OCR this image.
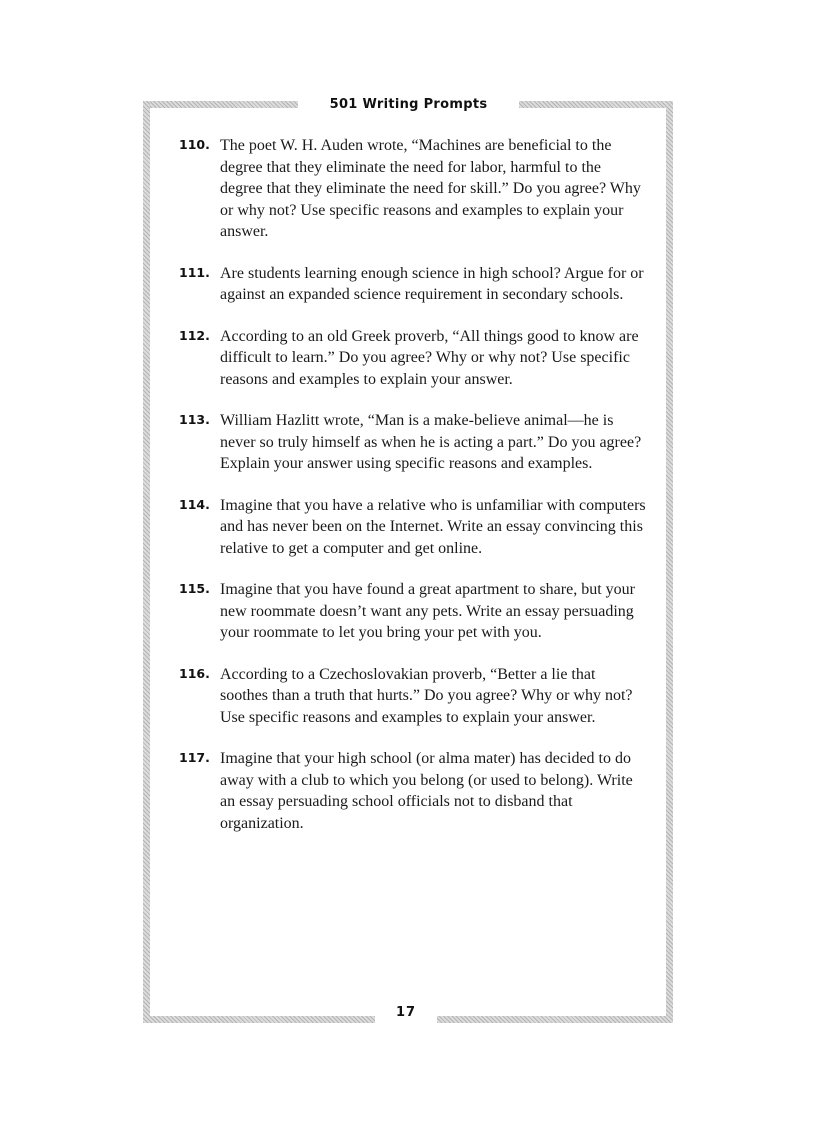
501 Writing Prompts
110. The poet W. H. Auden wrote, “Machines are beneficial to the degree that they eliminate the need for labor, harmful to the degree that they eliminate the need for skill.” Do you agree? Why or why not? Use specific reasons and examples to explain your answer.
111. Are students learning enough science in high school? Argue for or against an expanded science requirement in secondary schools.
112. According to an old Greek proverb, “All things good to know are difficult to learn.” Do you agree? Why or why not? Use specific reasons and examples to explain your answer.
113. William Hazlitt wrote, “Man is a make-believe animal—he is never so truly himself as when he is acting a part.” Do you agree? Explain your answer using specific reasons and examples.
114. Imagine that you have a relative who is unfamiliar with computers and has never been on the Internet. Write an essay convincing this relative to get a computer and get online.
115. Imagine that you have found a great apartment to share, but your new roommate doesn’t want any pets. Write an essay persuading your roommate to let you bring your pet with you.
116. According to a Czechoslovakian proverb, “Better a lie that soothes than a truth that hurts.” Do you agree? Why or why not? Use specific reasons and examples to explain your answer.
117. Imagine that your high school (or alma mater) has decided to do away with a club to which you belong (or used to belong). Write an essay persuading school officials not to disband that organization.
17
